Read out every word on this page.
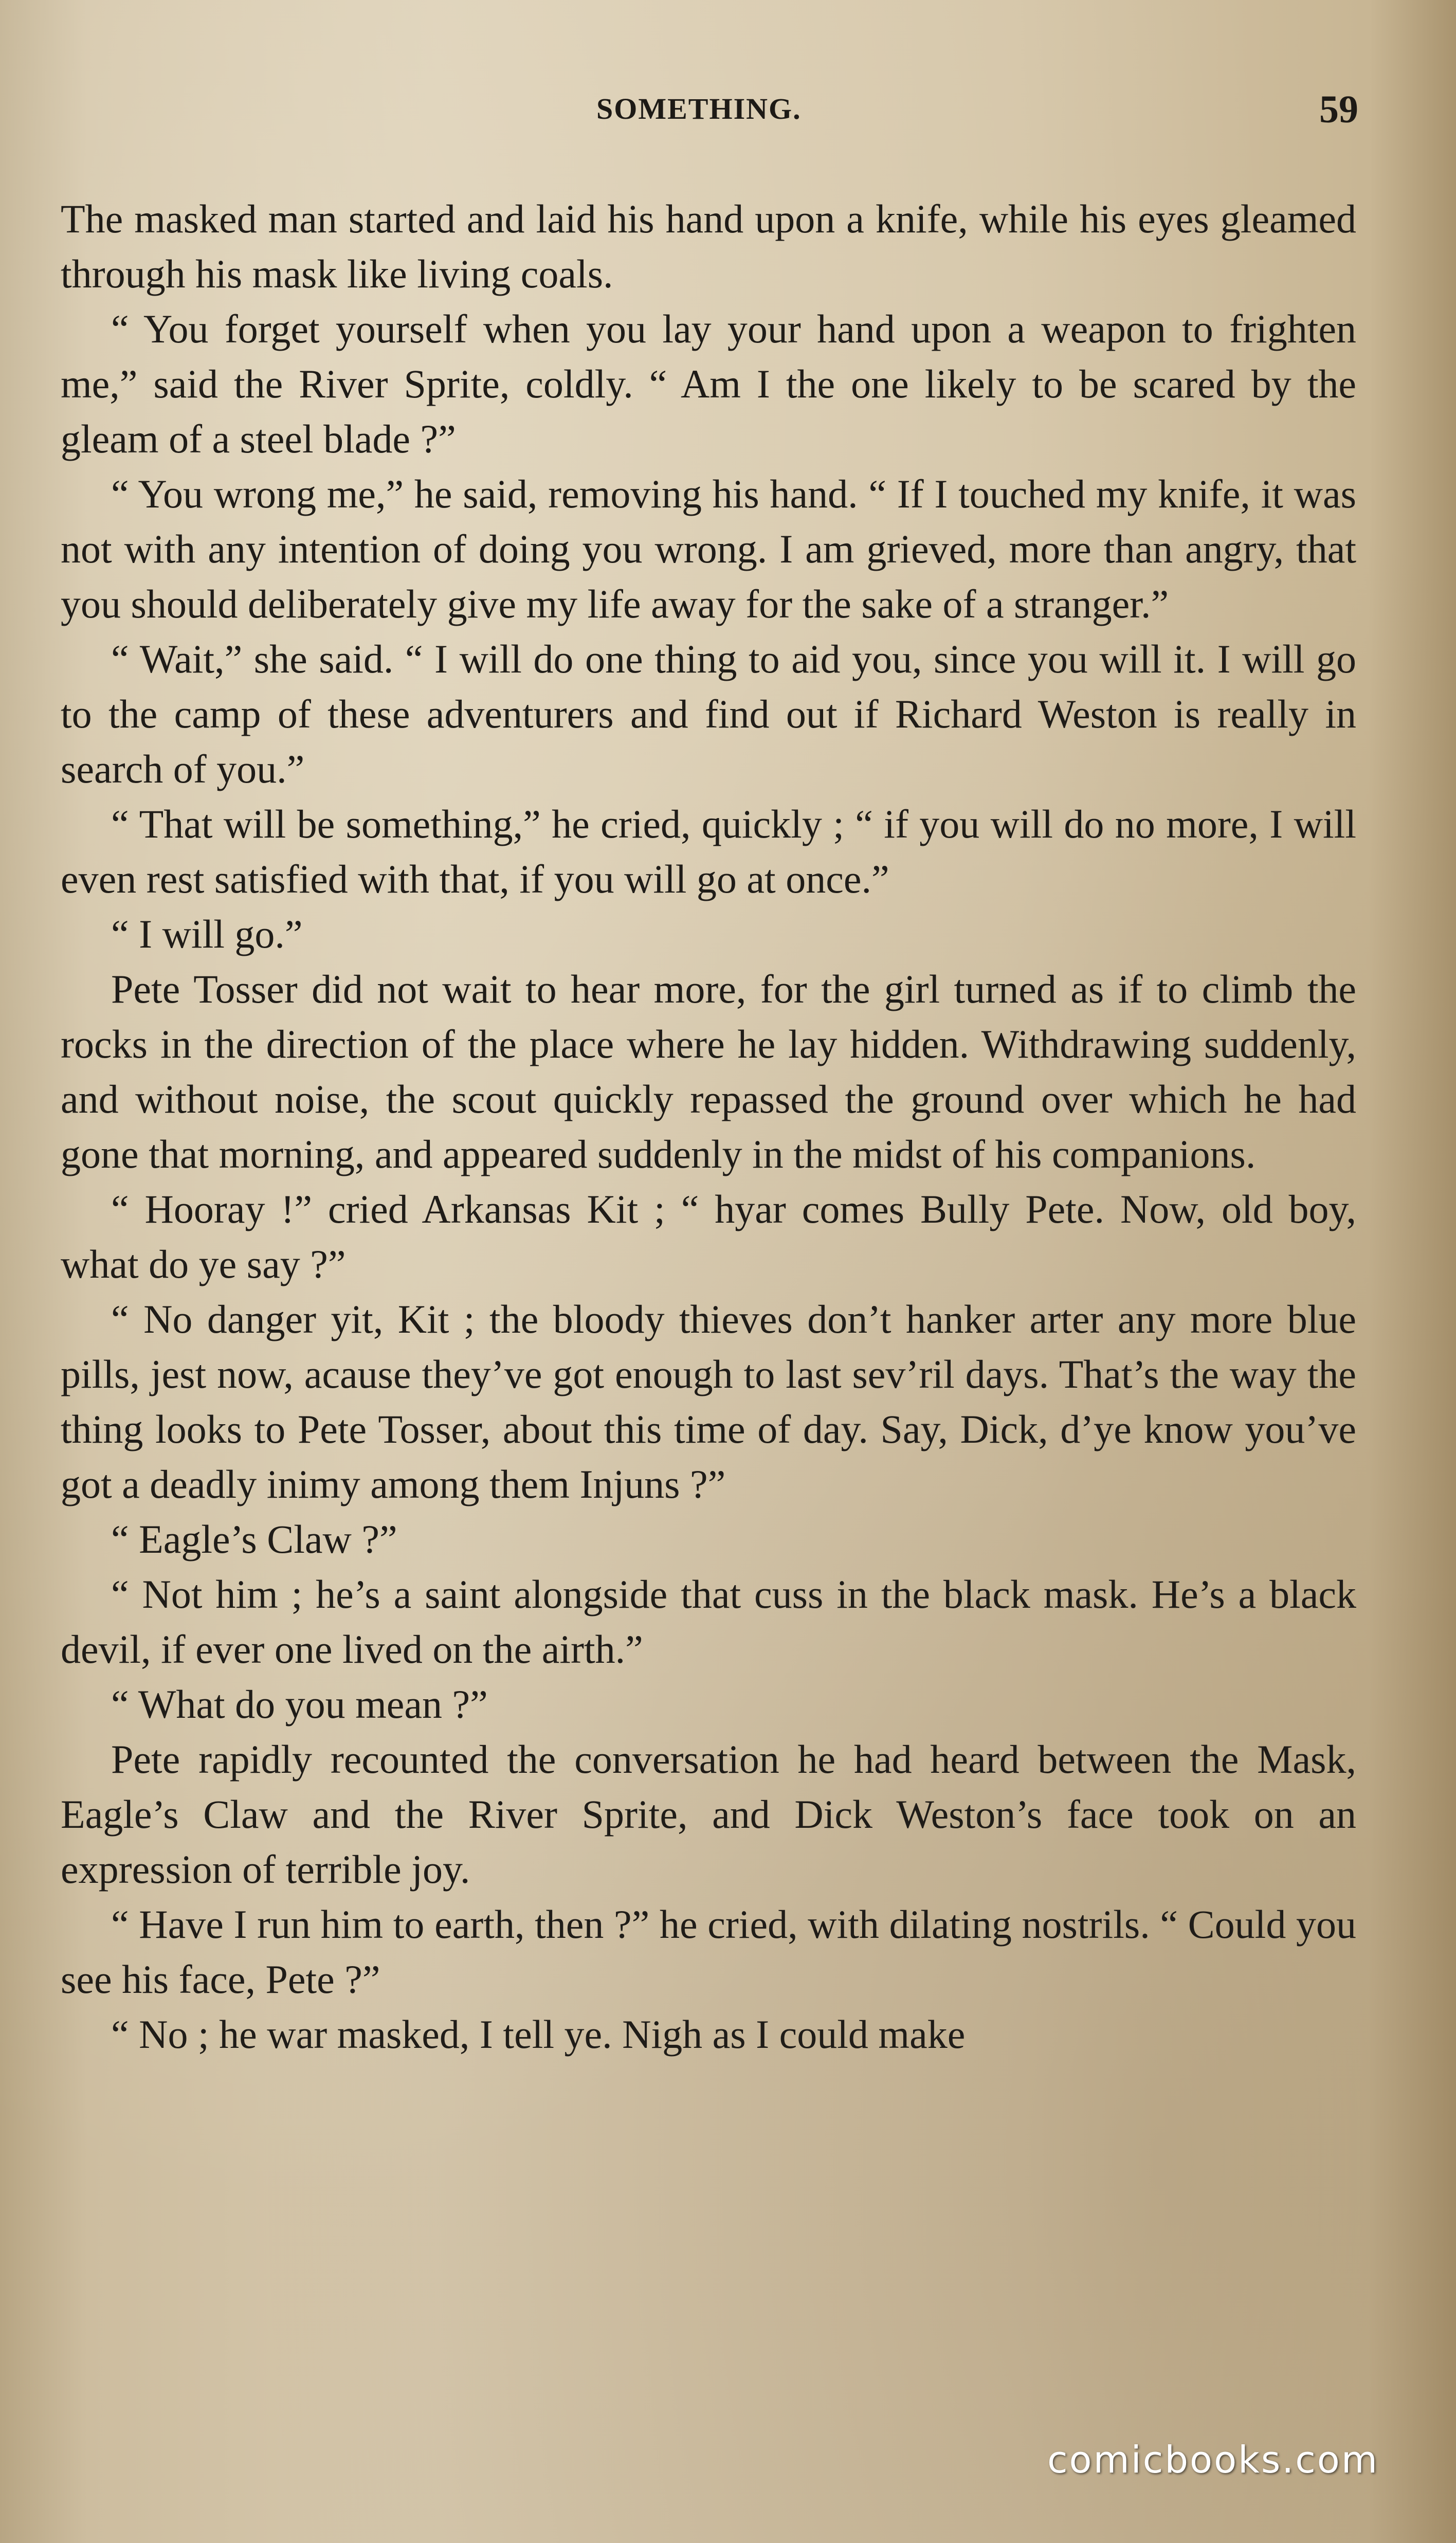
SOMETHING.	59

The masked man started and laid his hand upon a knife, while his eyes gleamed through his mask like living coals.

“ You forget yourself when you lay your hand upon a weapon to frighten me,” said the River Sprite, coldly. “ Am I the one likely to be scared by the gleam of a steel blade ?”

“ You wrong me,” he said, removing his hand. “ If I touched my knife, it was not with any intention of doing you wrong. I am grieved, more than angry, that you should deliberately give my life away for the sake of a stranger.”

“ Wait,” she said. “ I will do one thing to aid you, since you will it. I will go to the camp of these adventurers and find out if Richard Weston is really in search of you.”

“ That will be something,” he cried, quickly ; “ if you will do no more, I will even rest satisfied with that, if you will go at once.”

“ I will go.”

Pete Tosser did not wait to hear more, for the girl turned as if to climb the rocks in the direction of the place where he lay hidden. Withdrawing suddenly, and without noise, the scout quickly repassed the ground over which he had gone that morning, and appeared suddenly in the midst of his companions.

“ Hooray !” cried Arkansas Kit ; “ hyar comes Bully Pete. Now, old boy, what do ye say ?”

“ No danger yit, Kit ; the bloody thieves don’t hanker arter any more blue pills, jest now, acause they’ve got enough to last sev’ril days. That’s the way the thing looks to Pete Tosser, about this time of day. Say, Dick, d’ye know you’ve got a deadly inimy among them Injuns ?”

“ Eagle’s Claw ?”

“ Not him ; he’s a saint alongside that cuss in the black mask. He’s a black devil, if ever one lived on the airth.”

“ What do you mean ?”

Pete rapidly recounted the conversation he had heard between the Mask, Eagle’s Claw and the River Sprite, and Dick Weston’s face took on an expression of terrible joy.

“ Have I run him to earth, then ?” he cried, with dilating nostrils. “ Could you see his face, Pete ?”

“ No ; he war masked, I tell ye. Nigh as I could make

comicbooks.com
